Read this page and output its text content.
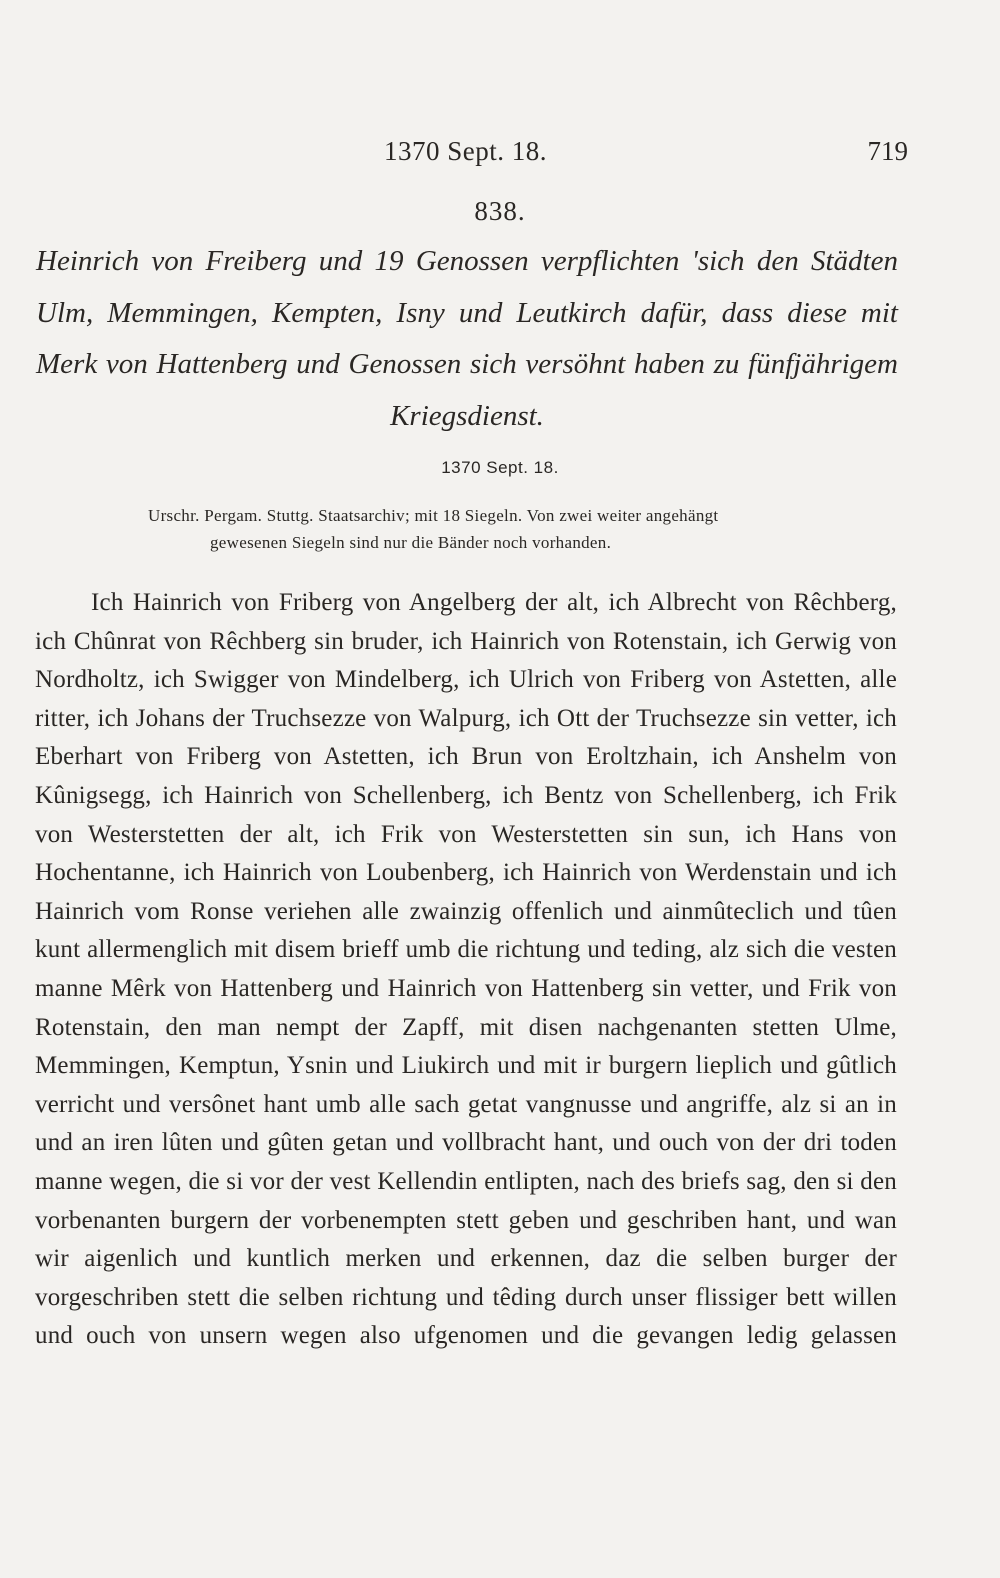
1370 Sept. 18.	719
838.
Heinrich von Freiberg und 19 Genossen verpflichten 'sich den Städten Ulm, Memmingen, Kempten, Isny und Leutkirch dafür, dass diese mit Merk von Hattenberg und Genossen sich versöhnt haben zu fünfjährigem Kriegsdienst.
1370 Sept. 18.
Urschr. Pergam. Stuttg. Staatsarchiv; mit 18 Siegeln. Von zwei weiter angehängt
gewesenen Siegeln sind nur die Bänder noch vorhanden.
Ich Hainrich von Friberg von Angelberg der alt, ich Albrecht von Rêchberg, ich Chûnrat von Rêchberg sin bruder, ich Hainrich von Rotenstain, ich Gerwig von Nordholtz, ich Swigger von Mindelberg, ich Ulrich von Friberg von Astetten, alle ritter, ich Johans der Truchsezze von Walpurg, ich Ott der Truchsezze sin vetter, ich Eberhart von Friberg von Astetten, ich Brun von Eroltzhain, ich Anshelm von Kûnigsegg, ich Hainrich von Schellenberg, ich Bentz von Schellenberg, ich Frik von Westerstetten der alt, ich Frik von Westerstetten sin sun, ich Hans von Hochentanne, ich Hainrich von Loubenberg, ich Hainrich von Werdenstain und ich Hainrich vom Ronse veriehen alle zwainzig offenlich und ainmûteclich und tûen kunt allermenglich mit disem brieff umb die richtung und teding, alz sich die vesten manne Mêrk von Hattenberg und Hainrich von Hattenberg sin vetter, und Frik von Rotenstain, den man nempt der Zapff, mit disen nachgenanten stetten Ulme, Memmingen, Kemptun, Ysnin und Liukirch und mit ir burgern lieplich und gûtlich verricht und versônet hant umb alle sach getat vangnusse und angriffe, alz si an in und an iren lûten und gûten getan und vollbracht hant, und ouch von der dri toden manne wegen, die si vor der vest Kellendin entlipten, nach des briefs sag, den si den vorbenanten burgern der vorbenempten stett geben und geschriben hant, und wan wir aigenlich und kuntlich merken und erkennen, daz die selben burger der vorgeschriben stett die selben richtung und têding durch unser flissiger bett willen und ouch von unsern wegen also ufgenomen und die gevangen ledig gelassen
